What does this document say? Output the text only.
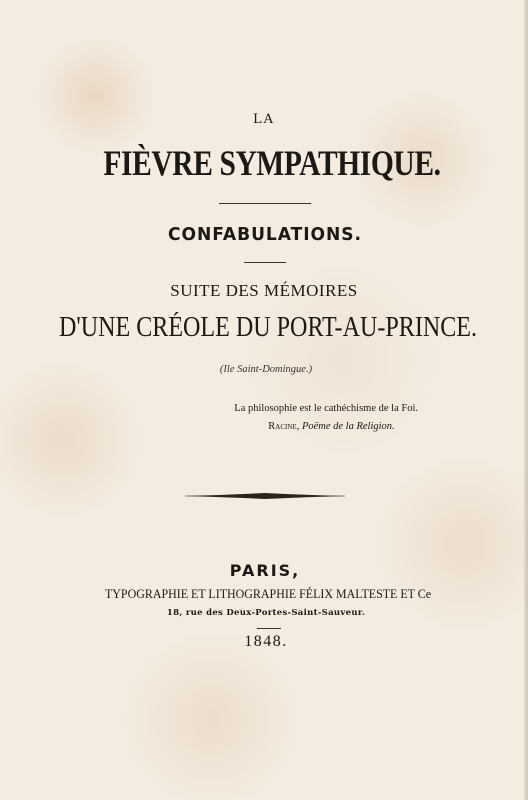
LA
FIÈVRE SYMPATHIQUE.
CONFABULATIONS.
SUITE DES MÉMOIRES
D'UNE CRÉOLE DU PORT-AU-PRINCE.
(Ile Saint-Domingue.)
La philosophie est le cathéchisme de la Foi.
Racine, Poëme de la Religion.
PARIS,
TYPOGRAPHIE ET LITHOGRAPHIE FÉLIX MALTESTE ET Ce
18, rue des Deux-Portes-Saint-Sauveur.
1848.
